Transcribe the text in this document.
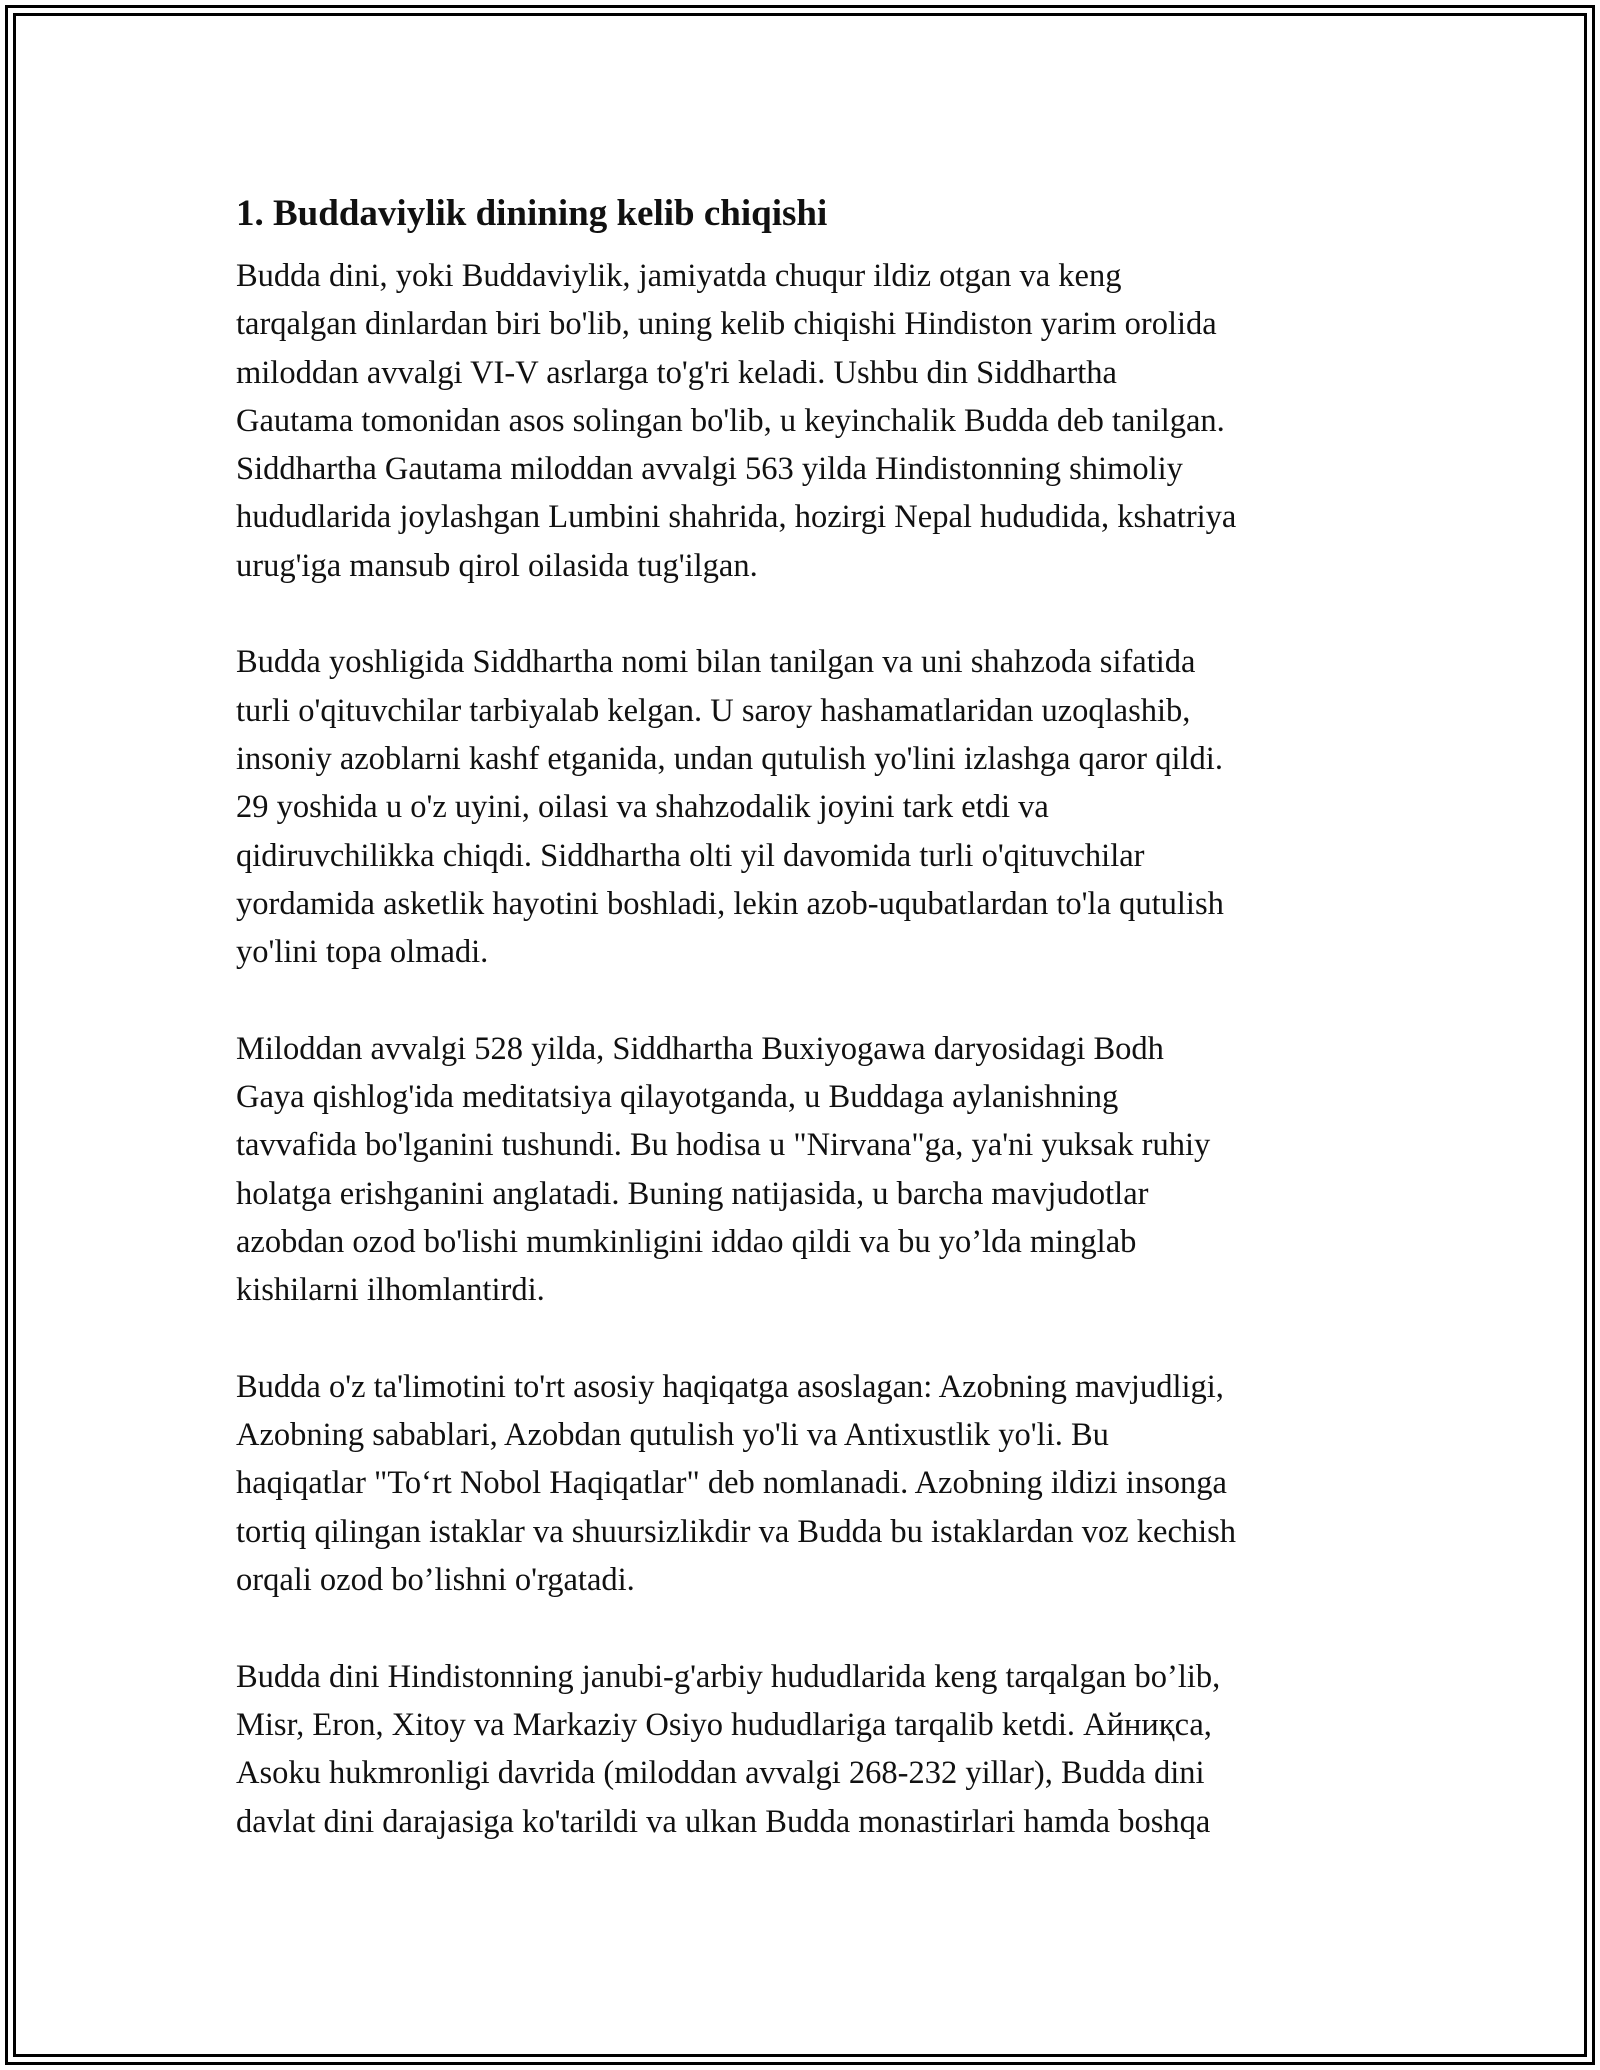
1. Buddaviylik dinining kelib chiqishi
Budda dini, yoki Buddaviylik, jamiyatda chuqur ildiz otgan va keng
tarqalgan dinlardan biri bo'lib, uning kelib chiqishi Hindiston yarim orolida
miloddan avvalgi VI-V asrlarga to'g'ri keladi. Ushbu din Siddhartha
Gautama tomonidan asos solingan bo'lib, u keyinchalik Budda deb tanilgan.
Siddhartha Gautama miloddan avvalgi 563 yilda Hindistonning shimoliy
hududlarida joylashgan Lumbini shahrida, hozirgi Nepal hududida, kshatriya
urug'iga mansub qirol oilasida tug'ilgan.
Budda yoshligida Siddhartha nomi bilan tanilgan va uni shahzoda sifatida
turli o'qituvchilar tarbiyalab kelgan. U saroy hashamatlaridan uzoqlashib,
insoniy azoblarni kashf etganida, undan qutulish yo'lini izlashga qaror qildi.
29 yoshida u o'z uyini, oilasi va shahzodalik joyini tark etdi va
qidiruvchilikka chiqdi. Siddhartha olti yil davomida turli o'qituvchilar
yordamida asketlik hayotini boshladi, lekin azob-uqubatlardan to'la qutulish
yo'lini topa olmadi.
Miloddan avvalgi 528 yilda, Siddhartha Buxiyogawa daryosidagi Bodh
Gaya qishlog'ida meditatsiya qilayotganda, u Buddaga aylanishning
tavvafida bo'lganini tushundi. Bu hodisa u "Nirvana"ga, ya'ni yuksak ruhiy
holatga erishganini anglatadi. Buning natijasida, u barcha mavjudotlar
azobdan ozod bo'lishi mumkinligini iddao qildi va bu yo’lda minglab
kishilarni ilhomlantirdi.
Budda o'z ta'limotini to'rt asosiy haqiqatga asoslagan: Azobning mavjudligi,
Azobning sabablari, Azobdan qutulish yo'li va Antixustlik yo'li. Bu
haqiqatlar "To‘rt Nobol Haqiqatlar" deb nomlanadi. Azobning ildizi insonga
tortiq qilingan istaklar va shuursizlikdir va Budda bu istaklardan voz kechish
orqali ozod bo’lishni o'rgatadi.
Budda dini Hindistonning janubi-g'arbiy hududlarida keng tarqalgan bo’lib,
Misr, Eron, Xitoy va Markaziy Osiyo hududlariga tarqalib ketdi. Айниқса,
Asoku hukmronligi davrida (miloddan avvalgi 268-232 yillar), Budda dini
davlat dini darajasiga ko'tarildi va ulkan Budda monastirlari hamda boshqa
